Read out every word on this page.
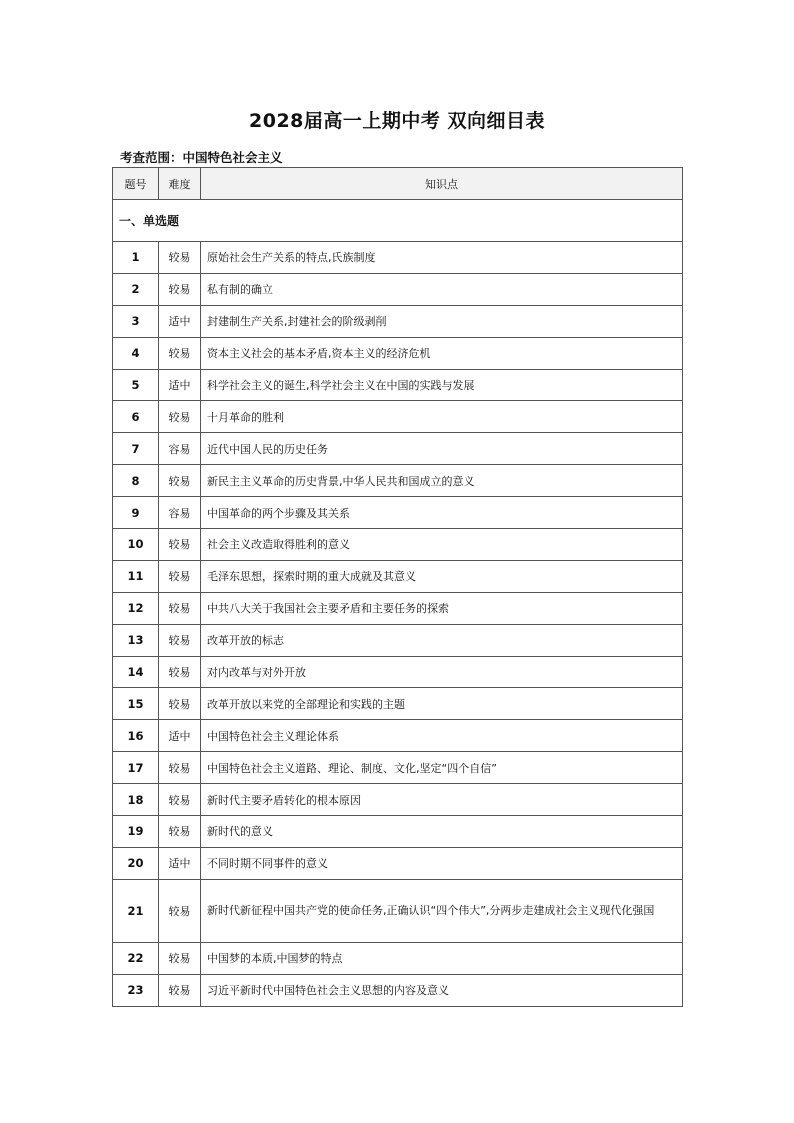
2028届高一上期中考 双向细目表
考查范围：中国特色社会主义
题号	难度	知识点
一、单选题		
1	较易	原始社会生产关系的特点,氏族制度
2	较易	私有制的确立
3	适中	封建制生产关系,封建社会的阶级剥削
4	较易	资本主义社会的基本矛盾,资本主义的经济危机
5	适中	科学社会主义的诞生,科学社会主义在中国的实践与发展
6	较易	十月革命的胜利
7	容易	近代中国人民的历史任务
8	较易	新民主主义革命的历史背景,中华人民共和国成立的意义
9	容易	中国革命的两个步骤及其关系
10	较易	社会主义改造取得胜利的意义
11	较易	毛泽东思想，探索时期的重大成就及其意义
12	较易	中共八大关于我国社会主要矛盾和主要任务的探索
13	较易	改革开放的标志
14	较易	对内改革与对外开放
15	较易	改革开放以来党的全部理论和实践的主题
16	适中	中国特色社会主义理论体系
17	较易	中国特色社会主义道路、理论、制度、文化,坚定“四个自信”
18	较易	新时代主要矛盾转化的根本原因
19	较易	新时代的意义
20	适中	不同时期不同事件的意义
21	较易	新时代新征程中国共产党的使命任务,正确认识“四个伟大”,分两步走建成社会主义现代化强国
22	较易	中国梦的本质,中国梦的特点
23	较易	习近平新时代中国特色社会主义思想的内容及意义
